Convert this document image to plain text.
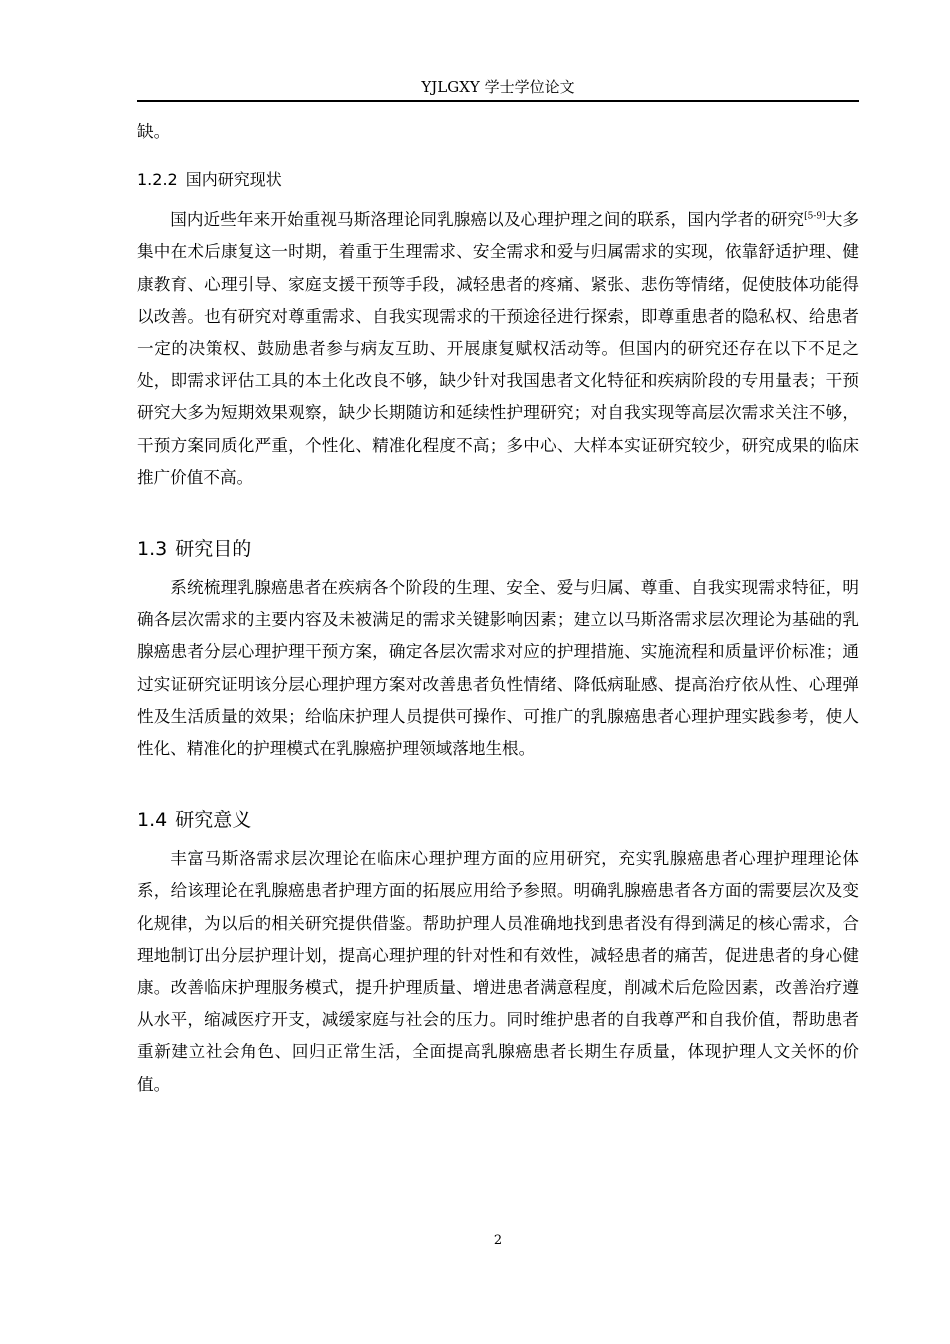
YJLGXY 学士学位论文

缺。

1.2.2 国内研究现状

国内近些年来开始重视马斯洛理论同乳腺癌以及心理护理之间的联系，国内学者的研究[5-9]大多集中在术后康复这一时期，着重于生理需求、安全需求和爱与归属需求的实现，依靠舒适护理、健康教育、心理引导、家庭支援干预等手段，减轻患者的疼痛、紧张、悲伤等情绪，促使肢体功能得以改善。也有研究对尊重需求、自我实现需求的干预途径进行探索，即尊重患者的隐私权、给患者一定的决策权、鼓励患者参与病友互助、开展康复赋权活动等。但国内的研究还存在以下不足之处，即需求评估工具的本土化改良不够，缺少针对我国患者文化特征和疾病阶段的专用量表；干预研究大多为短期效果观察，缺少长期随访和延续性护理研究；对自我实现等高层次需求关注不够，干预方案同质化严重，个性化、精准化程度不高；多中心、大样本实证研究较少，研究成果的临床推广价值不高。

1.3 研究目的

系统梳理乳腺癌患者在疾病各个阶段的生理、安全、爱与归属、尊重、自我实现需求特征，明确各层次需求的主要内容及未被满足的需求关键影响因素；建立以马斯洛需求层次理论为基础的乳腺癌患者分层心理护理干预方案，确定各层次需求对应的护理措施、实施流程和质量评价标准；通过实证研究证明该分层心理护理方案对改善患者负性情绪、降低病耻感、提高治疗依从性、心理弹性及生活质量的效果；给临床护理人员提供可操作、可推广的乳腺癌患者心理护理实践参考，使人性化、精准化的护理模式在乳腺癌护理领域落地生根。

1.4 研究意义

丰富马斯洛需求层次理论在临床心理护理方面的应用研究，充实乳腺癌患者心理护理理论体系，给该理论在乳腺癌患者护理方面的拓展应用给予参照。明确乳腺癌患者各方面的需要层次及变化规律，为以后的相关研究提供借鉴。帮助护理人员准确地找到患者没有得到满足的核心需求，合理地制订出分层护理计划，提高心理护理的针对性和有效性，减轻患者的痛苦，促进患者的身心健康。改善临床护理服务模式，提升护理质量、增进患者满意程度，削减术后危险因素，改善治疗遵从水平，缩减医疗开支，减缓家庭与社会的压力。同时维护患者的自我尊严和自我价值，帮助患者重新建立社会角色、回归正常生活，全面提高乳腺癌患者长期生存质量，体现护理人文关怀的价值。

2
